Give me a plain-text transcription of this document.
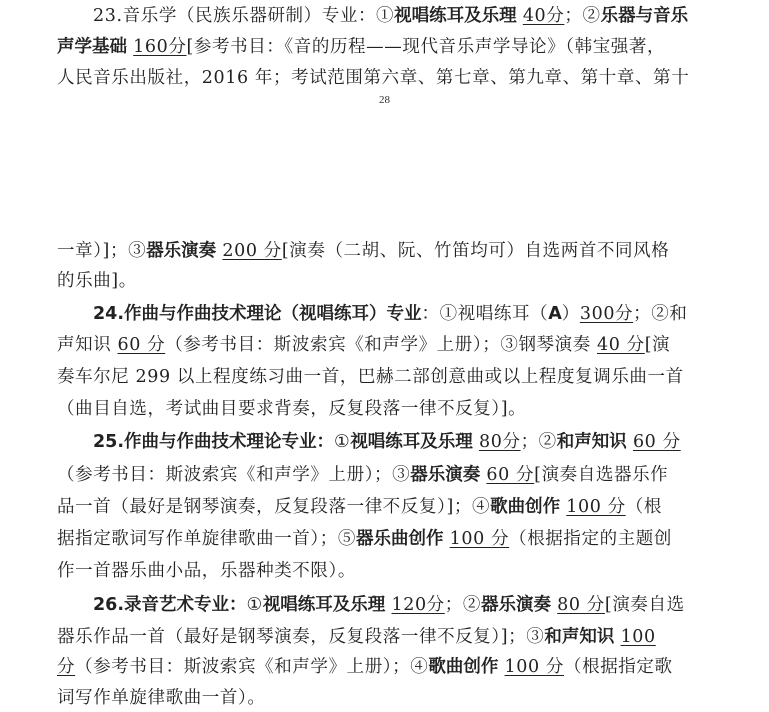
23.音乐学（民族乐器研制）专业：①视唱练耳及乐理 40分；②乐器与音乐
声学基础 160分[参考书目：《音的历程——现代音乐声学导论》（韩宝强著，
人民音乐出版社，2016 年；考试范围第六章、第七章、第九章、第十章、第十
28
一章）]；③器乐演奏 200 分[演奏（二胡、阮、竹笛均可）自选两首不同风格
的乐曲]。
24.作曲与作曲技术理论（视唱练耳）专业：①视唱练耳（A）300分；②和
声知识 60 分（参考书目：斯波索宾《和声学》上册）；③钢琴演奏 40 分[演
奏车尔尼 299 以上程度练习曲一首，巴赫二部创意曲或以上程度复调乐曲一首
（曲目自选，考试曲目要求背奏，反复段落一律不反复）]。
25.作曲与作曲技术理论专业：①视唱练耳及乐理 80分；②和声知识 60 分
（参考书目：斯波索宾《和声学》上册）；③器乐演奏 60 分[演奏自选器乐作
品一首（最好是钢琴演奏，反复段落一律不反复）]；④歌曲创作 100 分（根
据指定歌词写作单旋律歌曲一首）；⑤器乐曲创作 100 分（根据指定的主题创
作一首器乐曲小品，乐器种类不限）。
26.录音艺术专业：①视唱练耳及乐理 120分；②器乐演奏 80 分[演奏自选
器乐作品一首（最好是钢琴演奏，反复段落一律不反复）]；③和声知识 100
分（参考书目：斯波索宾《和声学》上册）；④歌曲创作 100 分（根据指定歌
词写作单旋律歌曲一首）。
